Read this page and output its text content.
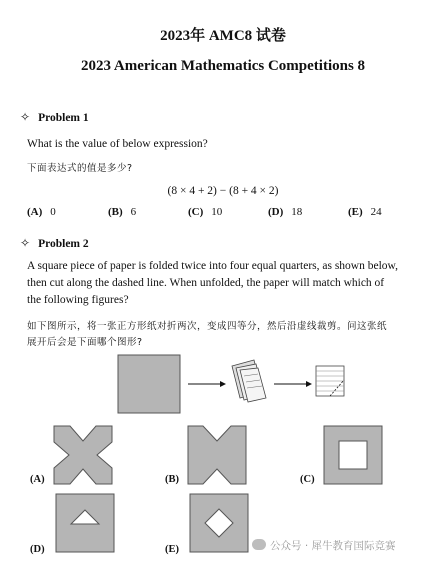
2023年 AMC8 试卷
2023 American Mathematics Competitions 8
✧ Problem 1
What is the value of below expression?
下面表达式的值是多少?
(8 × 4 + 2) − (8 + 4 × 2)
(A) 0	(B) 6	(C) 10	(D) 18	(E) 24
✧ Problem 2
A square piece of paper is folded twice into four equal quarters, as shown below,
then cut along the dashed line. When unfolded, the paper will match which of
the following figures?
如下图所示，将一张正方形纸对折两次，变成四等分，然后沿虚线裁剪。问这张纸
展开后会是下面哪个图形?
(A)	(B)	(C)
(D)	(E)	公众号 · 犀牛教育国际竞赛
